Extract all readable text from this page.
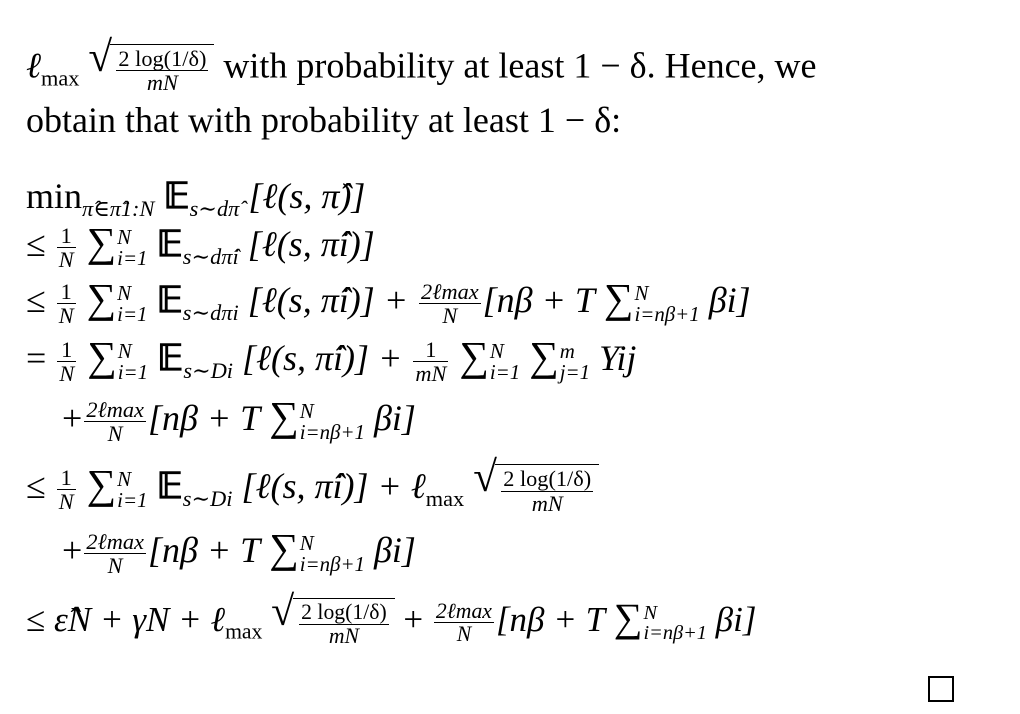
ℓ$_{max}$ √ $\frac{2 \log(1/\delta)}{mN}$ with probability at least 1 − δ. Hence, we
obtain that with probability at least 1 − δ:
$\min_{\pî\in\pî1:N}$ 𝔼$_{s\sim d\pî}$ [ℓ(s, π̂)]
≤ $\frac{1}{N}$ ∑ N
i=1 𝔼$_{s\sim d\pîi}$ [ℓ(s, π̂i)]
≤ $\frac{1}{N}$ ∑ N
i=1 𝔼$_{s\sim d\pi i}$ [ℓ(s, π̂i)] + $\frac{\text{2ℓmax}}{N} [n\beta + T$ ∑ N
i=nβ+1 βi]
= $\frac{1}{N}$ ∑ N
i=1 𝔼$_{s\sim Di}$ [ℓ(s, π̂i)] + $\frac{1}{mN}$ ∑ N
i=1 ∑ m
j=1 Yij
+ $\frac{\text{2ℓmax}}{N} [n\beta + T$ ∑ N
i=nβ+1 βi]
≤ $\frac{1}{N}$ ∑ N
i=1 𝔼$_{s\sim Di}$ [ℓ(s, π̂i)] + ℓ$_{max}$ √ $\frac{2 \log(1/\delta)}{mN}$
+ $\frac{\text{2ℓmax}}{N} [n\beta + T$ ∑ N
i=nβ+1 βi]
≤ ε̂N + γN + ℓ$_{max}$ √ $\frac{2 \log(1/\delta)}{mN} + \frac{\text{2ℓmax}}{N} [n\beta + T$ ∑ N
i=nβ+1 βi]
